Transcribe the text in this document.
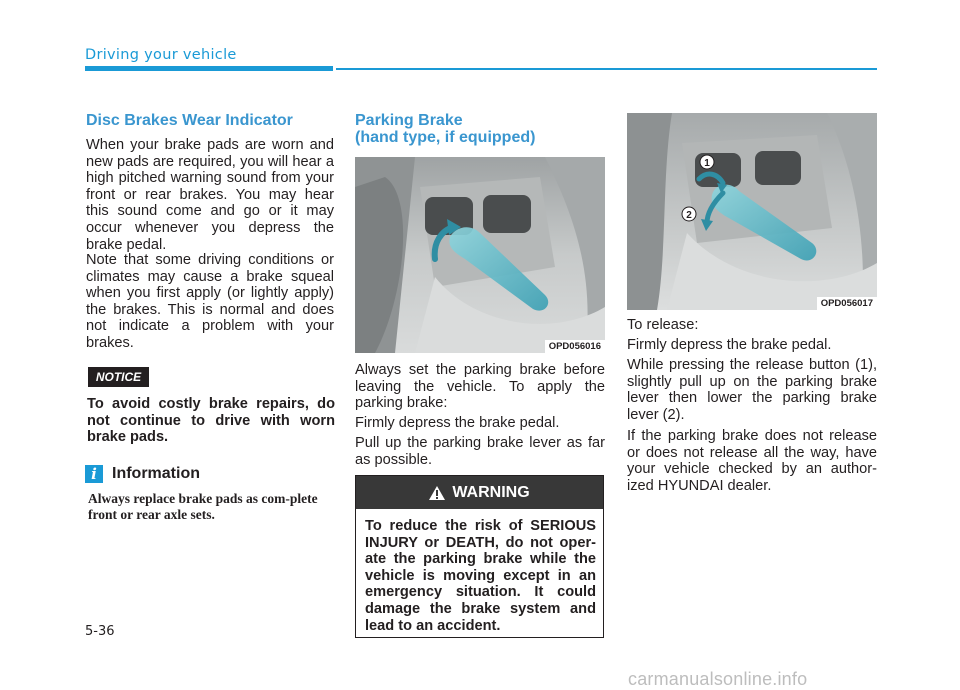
Driving your vehicle
Disc Brakes Wear Indicator
When your brake pads are worn and new pads are required, you will hear a high pitched warning sound from your front or rear brakes. You may hear this sound come and go or it may occur whenever you depress the brake pedal.
Note that some driving conditions or climates may cause a brake squeal when you first apply (or lightly apply) the brakes. This is normal and does not indicate a problem with your brakes.
NOTICE
To avoid costly brake repairs, do not continue to drive with worn brake pads.
i Information
Always replace brake pads as com-plete front or rear axle sets.
Parking Brake
(hand type, if equipped)
OPD056016
Always set the parking brake before leaving the vehicle. To apply the parking brake:
Firmly depress the brake pedal.
Pull up the parking brake lever as far as possible.
WARNING
To reduce the risk of SERIOUS INJURY or DEATH, do not oper-ate the parking brake while the vehicle is moving except in an emergency situation. It could damage the brake system and lead to an accident.
1
2
OPD056017
To release:
Firmly depress the brake pedal.
While pressing the release button (1), slightly pull up on the parking brake lever then lower the parking brake lever (2).
If the parking brake does not release or does not release all the way, have your vehicle checked by an author-ized HYUNDAI dealer.
5-36
carmanualsonline.info
